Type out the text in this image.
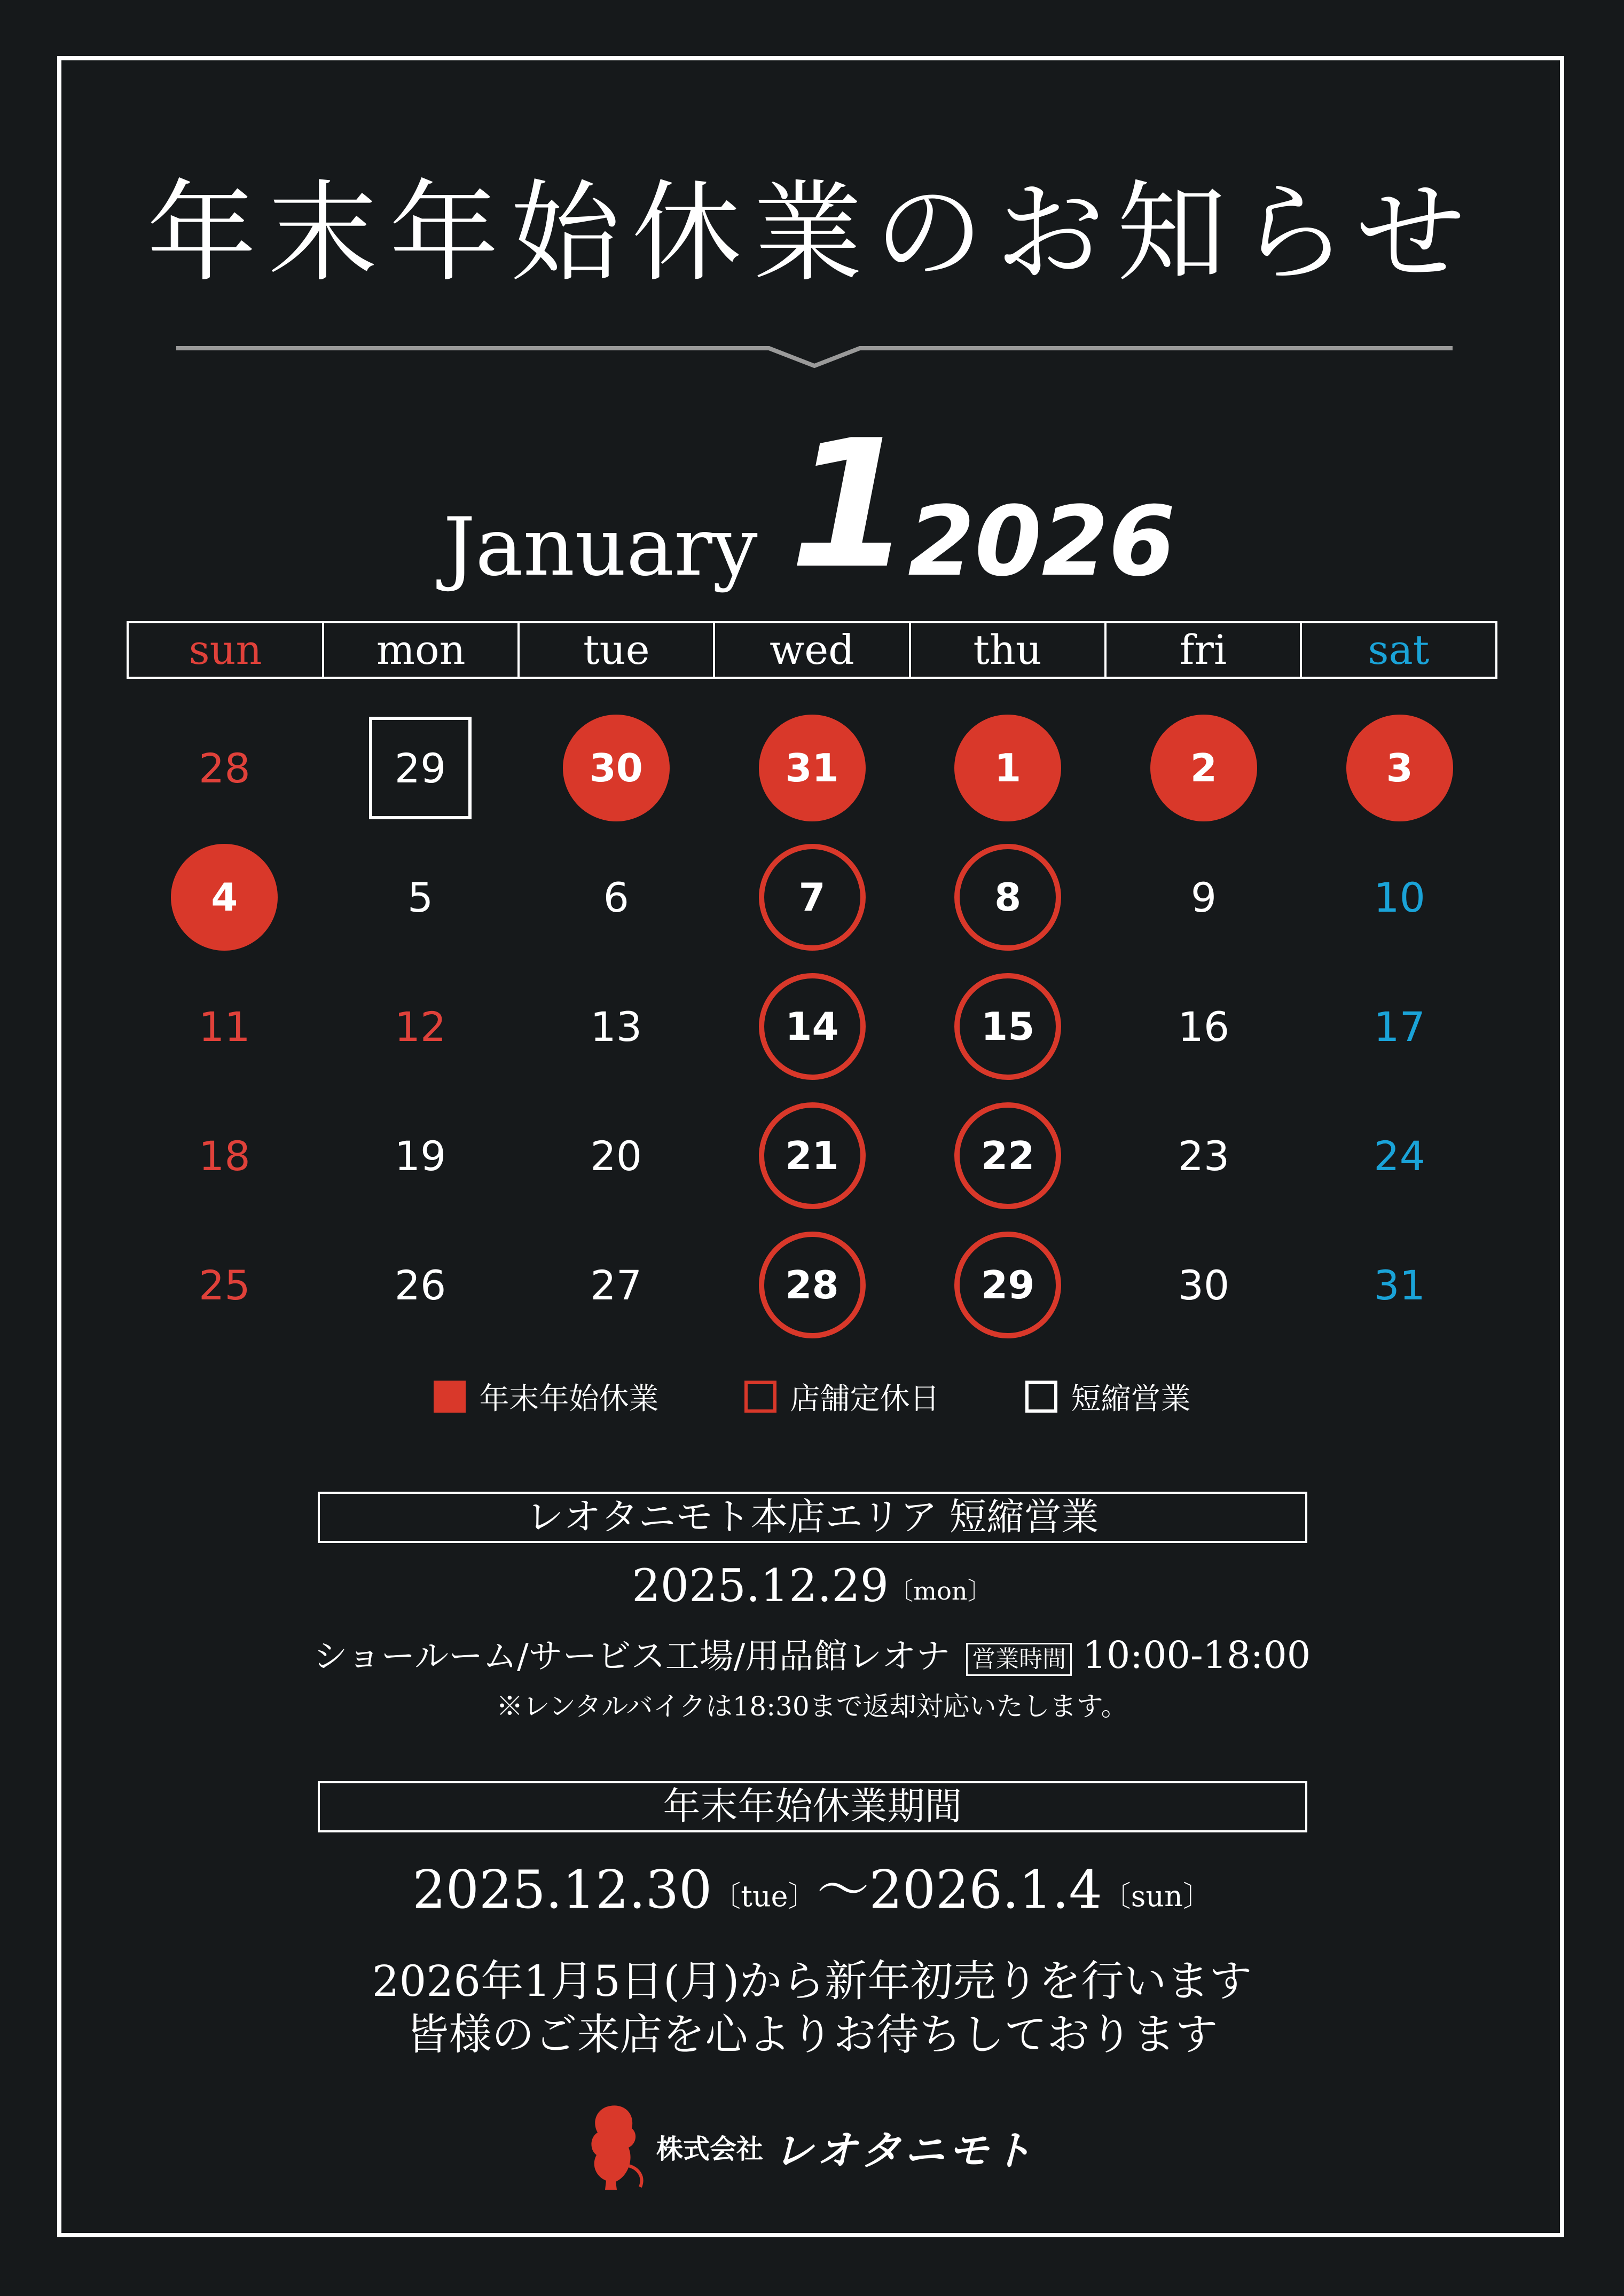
年末年始休業のお知らせ
January 1
2026
sun	mon	tue	wed	thu	fri	sat
28	29	30	31	1	2	3
4	5	6	7	8	9	10
11	12	13	14	15	16	17
18	19	20	21	22	23	24
25	26	27	28	29	30	31
年末年始休業	店舗定休日	短縮営業
レオタニモト本店エリア 短縮営業
2025.12.29〔mon〕
ショールーム/サービス工場/用品館レオナ 営業時間 10:00-18:00
※レンタルバイクは18:30まで返却対応いたします。
年末年始休業期間
2025.12.30〔tue〕〜2026.1.4〔sun〕
2026年1月5日(月)から新年初売りを行います
皆様のご来店を心よりお待ちしております
株式会社 レオタニモト
